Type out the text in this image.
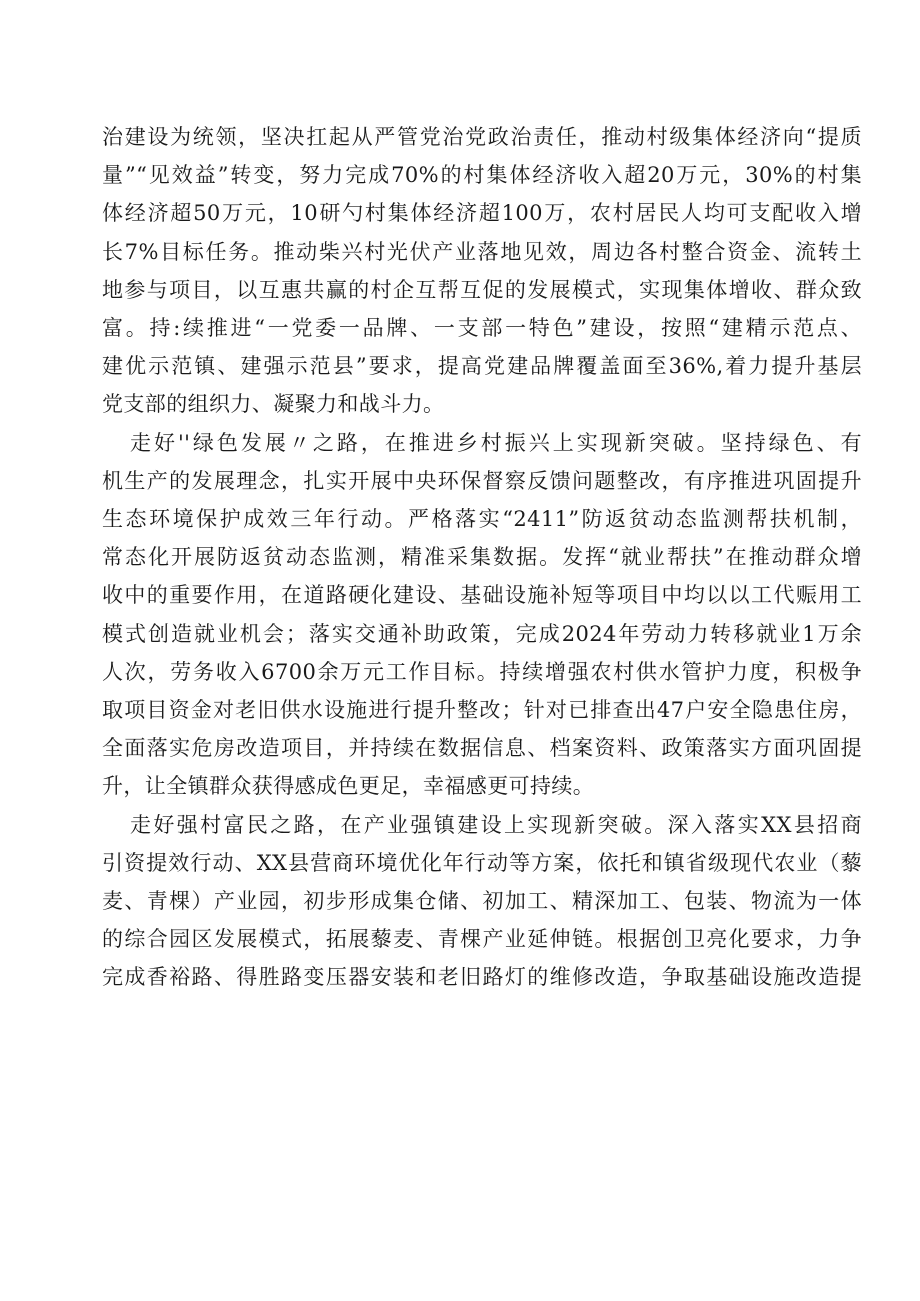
治建设为统领，坚决扛起从严管党治党政治责任，推动村级集体经济向“提质
量”“见效益”转变，努力完成70%的村集体经济收入超20万元，30%的村集
体经济超50万元，10研勺村集体经济超100万，农村居民人均可支配收入增
长7%目标任务。推动柴兴村光伏产业落地见效，周边各村整合资金、流转土
地参与项目，以互惠共赢的村企互帮互促的发展模式，实现集体增收、群众致
富。持:续推进“一党委一品牌、一支部一特色”建设，按照“建精示范点、
建优示范镇、建强示范县”要求，提高党建品牌覆盖面至36%,着力提升基层
党支部的组织力、凝聚力和战斗力。
走好''绿色发展〃之路，在推进乡村振兴上实现新突破。坚持绿色、有
机生产的发展理念，扎实开展中央环保督察反馈问题整改，有序推进巩固提升
生态环境保护成效三年行动。严格落实“2411”防返贫动态监测帮扶机制，
常态化开展防返贫动态监测，精准采集数据。发挥“就业帮扶”在推动群众增
收中的重要作用，在道路硬化建设、基础设施补短等项目中均以以工代赈用工
模式创造就业机会；落实交通补助政策，完成2024年劳动力转移就业1万余
人次，劳务收入6700余万元工作目标。持续增强农村供水管护力度，积极争
取项目资金对老旧供水设施进行提升整改；针对已排查出47户安全隐患住房，
全面落实危房改造项目，并持续在数据信息、档案资料、政策落实方面巩固提
升，让全镇群众获得感成色更足，幸福感更可持续。
走好强村富民之路，在产业强镇建设上实现新突破。深入落实XX县招商
引资提效行动、XX县营商环境优化年行动等方案，依托和镇省级现代农业（藜
麦、青棵）产业园，初步形成集仓储、初加工、精深加工、包装、物流为一体
的综合园区发展模式，拓展藜麦、青棵产业延伸链。根据创卫亮化要求，力争
完成香裕路、得胜路变压器安装和老旧路灯的维修改造，争取基础设施改造提
